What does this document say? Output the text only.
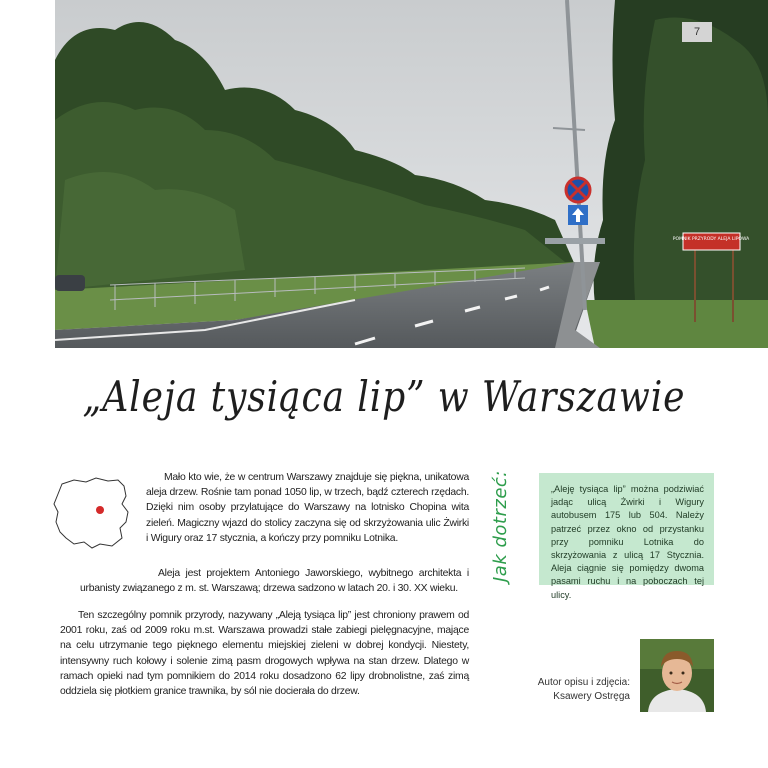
POMNIK PRZYRODY ALEJA LIPOWA
7
„Aleja tysiąca lip” w Warszawie

Mało kto wie, że w centrum Warszawy znajduje się piękna, unikatowa aleja drzew. Rośnie tam ponad 1050 lip, w trzech, bądź czterech rzędach. Dzięki nim osoby przylatujące do Warszawy na lotnisko Chopina wita zieleń. Magiczny wjazd do stolicy zaczyna się od skrzyżowania ulic Żwirki i Wigury oraz 17 stycznia, a kończy przy pomniku Lotnika.

Aleja jest projektem Antoniego Jaworskiego, wybitnego architekta i urbanisty związanego z m. st. Warszawą; drzewa sadzono w latach 20. i 30. XX wieku.

Ten szczególny pomnik przyrody, nazywany „Aleją tysiąca lip” jest chroniony prawem od 2001 roku, zaś od 2009 roku m.st. Warszawa prowadzi stałe zabiegi pielęgnacyjne, mające na celu utrzymanie tego pięknego elementu miejskiej zieleni w dobrej kondycji. Niestety, intensywny ruch kołowy i solenie zimą pasm drogowych wpływa na stan drzew. Dlatego w ramach opieki nad tym pomnikiem do 2014 roku dosadzono 62 lipy drobnolistne, zaś zimą oddziela się płotkiem granice trawnika, by sól nie docierała do drzew.

Jak dotrzeć:	„Aleję tysiąca lip” można podziwiać jadąc ulicą Żwirki i Wigury autobusem 175 lub 504. Należy patrzeć przez okno od przystanku przy pomniku Lotnika do skrzyżowania z ulicą 17 Stycznia. Aleja ciągnie się pomiędzy dwoma pasami ruchu i na poboczach tej ulicy.
Autor opisu i zdjęcia:
Ksawery Ostręga
